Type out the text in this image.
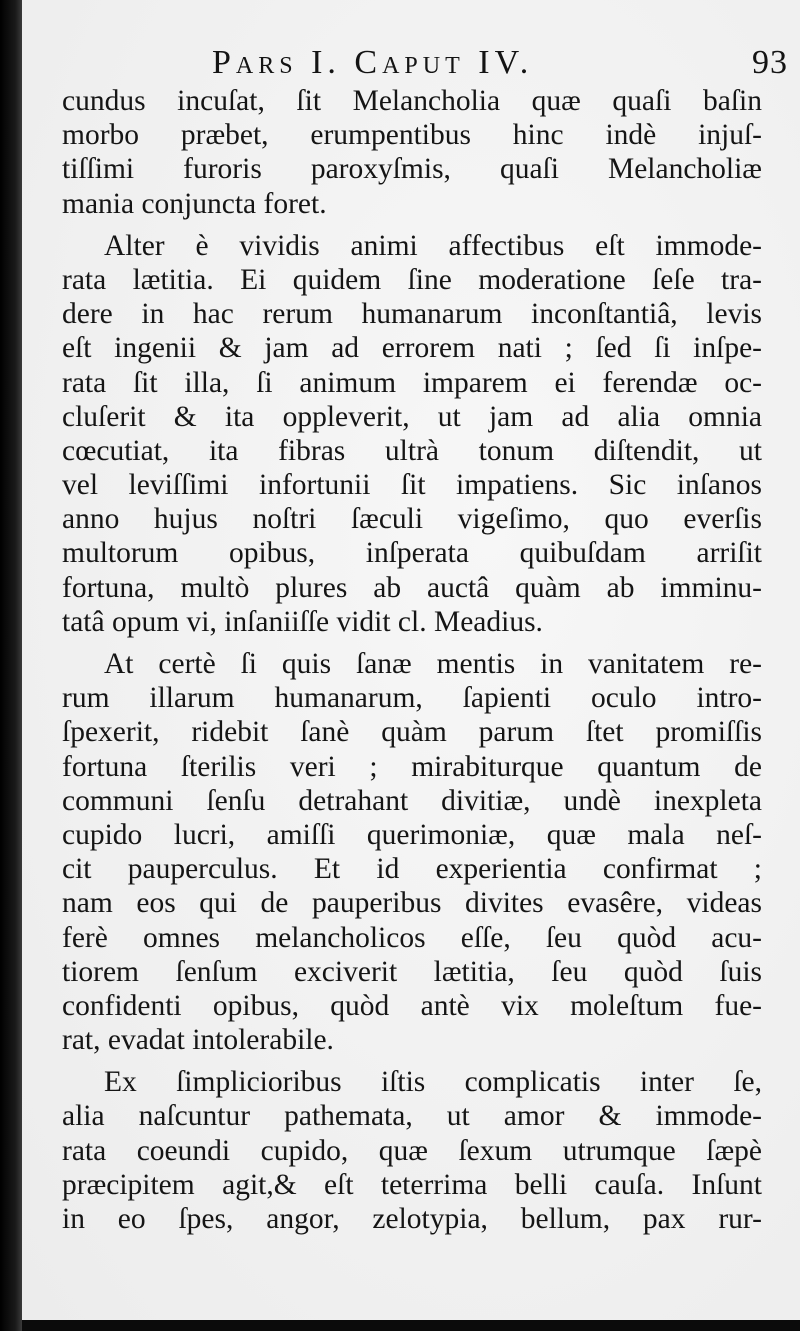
Pars I. Caput IV.	93
cundus incuſat, ſit Melancholia quæ quaſi baſin
morbo præbet, erumpentibus hinc indè injuſ-
tiſſimi furoris paroxyſmis, quaſi Melancholiæ
mania conjuncta foret.
Alter è vividis animi affectibus eſt immode-
rata lætitia. Ei quidem ſine moderatione ſeſe tra-
dere in hac rerum humanarum inconſtantiâ, levis
eſt ingenii & jam ad errorem nati ; ſed ſi inſpe-
rata ſit illa, ſi animum imparem ei ferendæ oc-
cluſerit & ita oppleverit, ut jam ad alia omnia
cœcutiat, ita fibras ultrà tonum diſtendit, ut
vel leviſſimi infortunii ſit impatiens. Sic inſanos
anno hujus noſtri ſæculi vigeſimo, quo everſis
multorum opibus, inſperata quibuſdam arriſit
fortuna, multò plures ab auctâ quàm ab imminu-
tatâ opum vi, inſaniiſſe vidit cl. Meadius.
At certè ſi quis ſanæ mentis in vanitatem re-
rum illarum humanarum, ſapienti oculo intro-
ſpexerit, ridebit ſanè quàm parum ſtet promiſſis
fortuna ſterilis veri ; mirabiturque quantum de
communi ſenſu detrahant divitiæ, undè inexpleta
cupido lucri, amiſſi querimoniæ, quæ mala neſ-
cit pauperculus. Et id experientia confirmat ;
nam eos qui de pauperibus divites evasêre, videas
ferè omnes melancholicos eſſe, ſeu quòd acu-
tiorem ſenſum exciverit lætitia, ſeu quòd ſuis
confidenti opibus, quòd antè vix moleſtum fue-
rat, evadat intolerabile.
Ex ſimplicioribus iſtis complicatis inter ſe,
alia naſcuntur pathemata, ut amor & immode-
rata coeundi cupido, quæ ſexum utrumque ſæpè
præcipitem agit,& eſt teterrima belli cauſa. Inſunt
in eo ſpes, angor, zelotypia, bellum, pax rur-
